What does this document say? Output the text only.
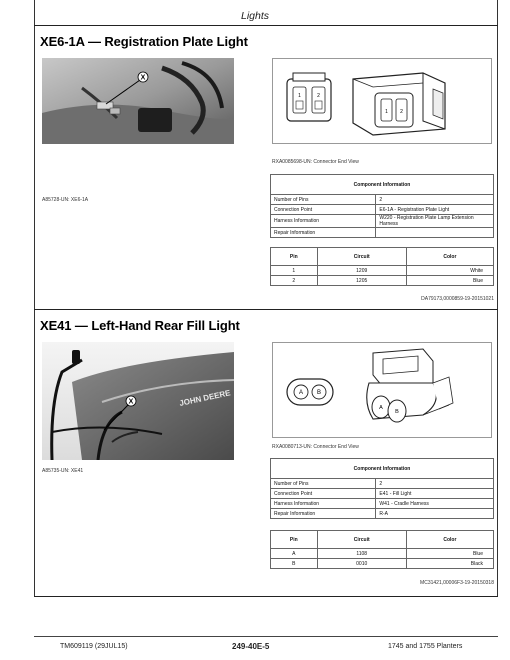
Lights
XE6-1A — Registration Plate Light
X
1	2
1 2
RXA0085698-UN: Connector End View
A85728-UN: XE6-1A
Component Information	
Number of Pins	2
Connection Point	E6-1A - Registration Plate Light
Harness Information	W220 - Registration Plate Lamp Extension Harness
Repair Information	
Pin	Circuit	Color
1	1209	White
2	1205	Blue
DA79173,0000859-19-20151021
XE41 — Left-Hand Rear Fill Light
JOHN DEERE
X
A B
A
B
RXA0080713-UN: Connector End View
A85735-UN: XE41	Component Information	
Number of Pins	2
Connection Point	E41 - Fill Light
Harness Information	W41 - Cradle Harness
Repair Information	R-A
Pin	Circuit	Color
A	1108	Blue
B	0010	Black
MC31421,00006F3-19-20150318
TM609119 (29JUL15)	249-40E-5	1745 and 1755 Planters
